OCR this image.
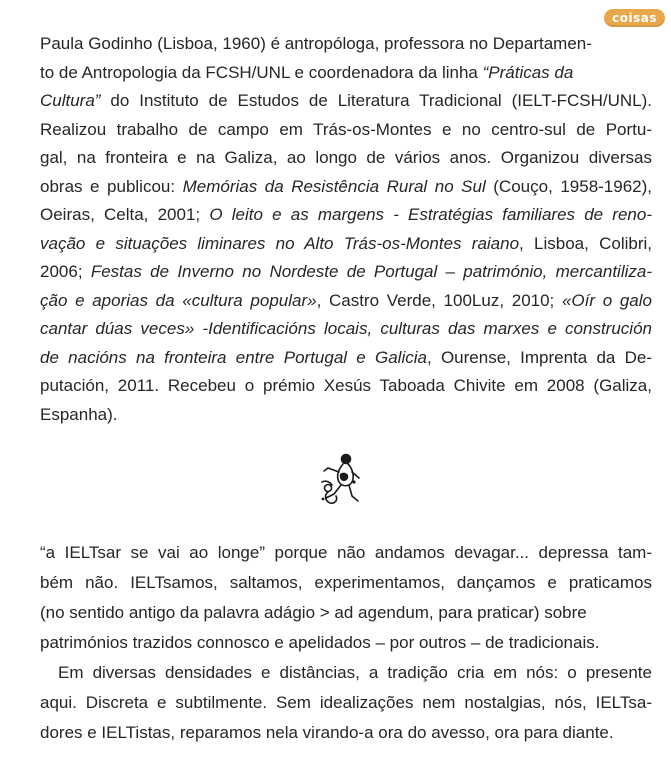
coisas
Paula Godinho (Lisboa, 1960) é antropóloga, professora no Departamen-
to de Antropologia da FCSH/UNL e coordenadora da linha “Práticas da
Cultura” do Instituto de Estudos de Literatura Tradicional (IELT-FCSH/UNL).
Realizou trabalho de campo em Trás-os-Montes e no centro-sul de Portu-
gal, na fronteira e na Galiza, ao longo de vários anos. Organizou diversas
obras e publicou: Memórias da Resistência Rural no Sul (Couço, 1958-1962),
Oeiras, Celta, 2001; O leito e as margens - Estratégias familiares de reno-
vação e situações liminares no Alto Trás-os-Montes raiano, Lisboa, Colibri,
2006; Festas de Inverno no Nordeste de Portugal – património, mercantiliza-
ção e aporias da «cultura popular», Castro Verde, 100Luz, 2010; «Oír o galo
cantar dúas veces» -Identificacións locais, culturas das marxes e construción
de nacións na fronteira entre Portugal e Galicia, Ourense, Imprenta da De-
putación, 2011. Recebeu o prémio Xesús Taboada Chivite em 2008 (Galiza,
Espanha).
“a IELTsar se vai ao longe” porque não andamos devagar... depressa tam-
bém não. IELTsamos, saltamos, experimentamos, dançamos e praticamos
(no sentido antigo da palavra adágio > ad agendum, para praticar) sobre
patrimónios trazidos connosco e apelidados – por outros – de tradicionais.
Em diversas densidades e distâncias, a tradição cria em nós: o presente
aqui. Discreta e subtilmente. Sem idealizações nem nostalgias, nós, IELTsa-
dores e IELTistas, reparamos nela virando-a ora do avesso, ora para diante.
